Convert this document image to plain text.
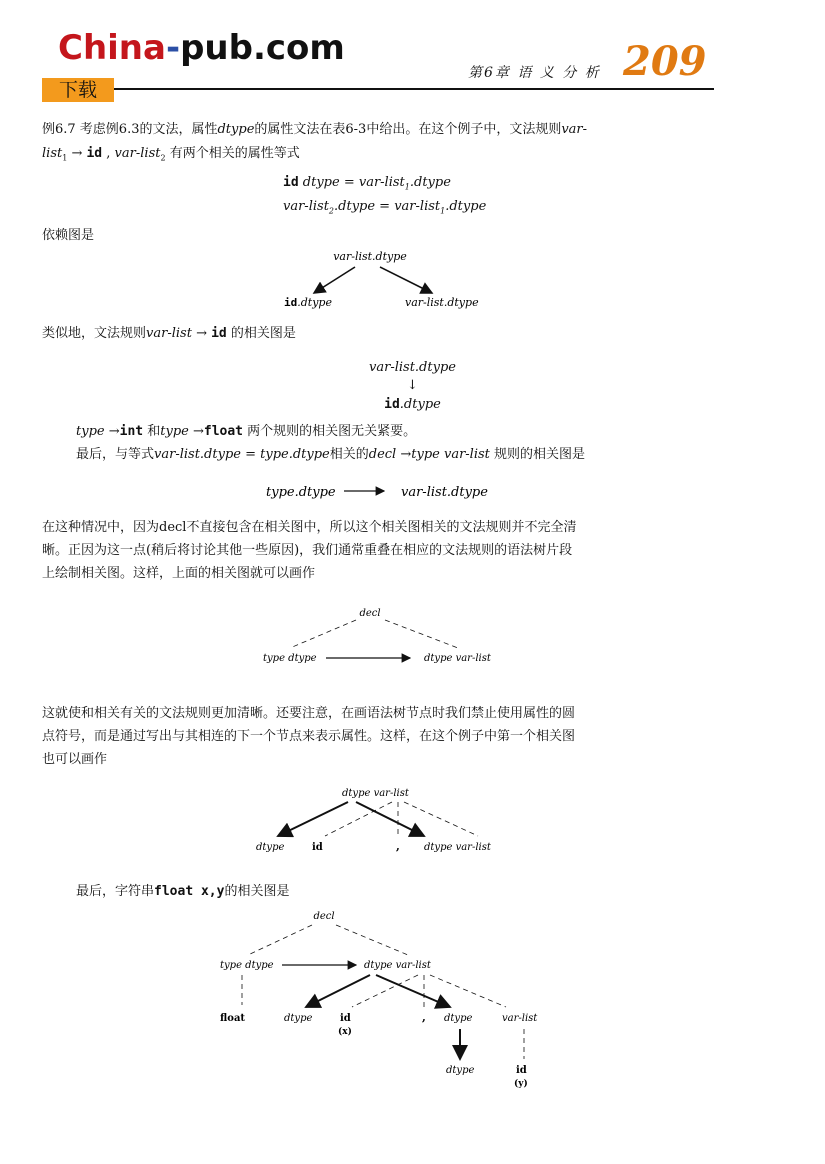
China-pub.com
下载
第6章 语 义 分 析 209
例6.7 考虑例6.3的文法，属性dtype的属性文法在表6-3中给出。在这个例子中，文法规则var-
list$_1$ → id , var-list$_2$ 有两个相关的属性等式
id dtype = var-list$_1$.dtype
var-list$_2$.dtype = var-list$_1$.dtype
依赖图是
var-list.dtype
id.dtype	var-list.dtype
类似地，文法规则var-list → id 的相关图是
var-list.dtype
↓
id.dtype
type →int 和type →float 两个规则的相关图无关紧要。
最后，与等式var-list.dtype = type.dtype相关的decl →type var-list 规则的相关图是
type.dtype	var-list.dtype
在这种情况中，因为decl不直接包含在相关图中，所以这个相关图相关的文法规则并不完全清
晰。正因为这一点(稍后将讨论其他一些原因)，我们通常重叠在相应的文法规则的语法树片段
上绘制相关图。这样，上面的相关图就可以画作
decl
type dtype	dtype var-list
这就使和相关有关的文法规则更加清晰。还要注意，在画语法树节点时我们禁止使用属性的圆
点符号，而是通过写出与其相连的下一个节点来表示属性。这样，在这个例子中第一个相关图
也可以画作
dtype var-list
dtype	id	, dtype var-list
最后，字符串float x,y的相关图是
decl
type dtype	dtype var-list
float	dtype	id
(x)
, dtype	var-list
dtype	id
(y)
